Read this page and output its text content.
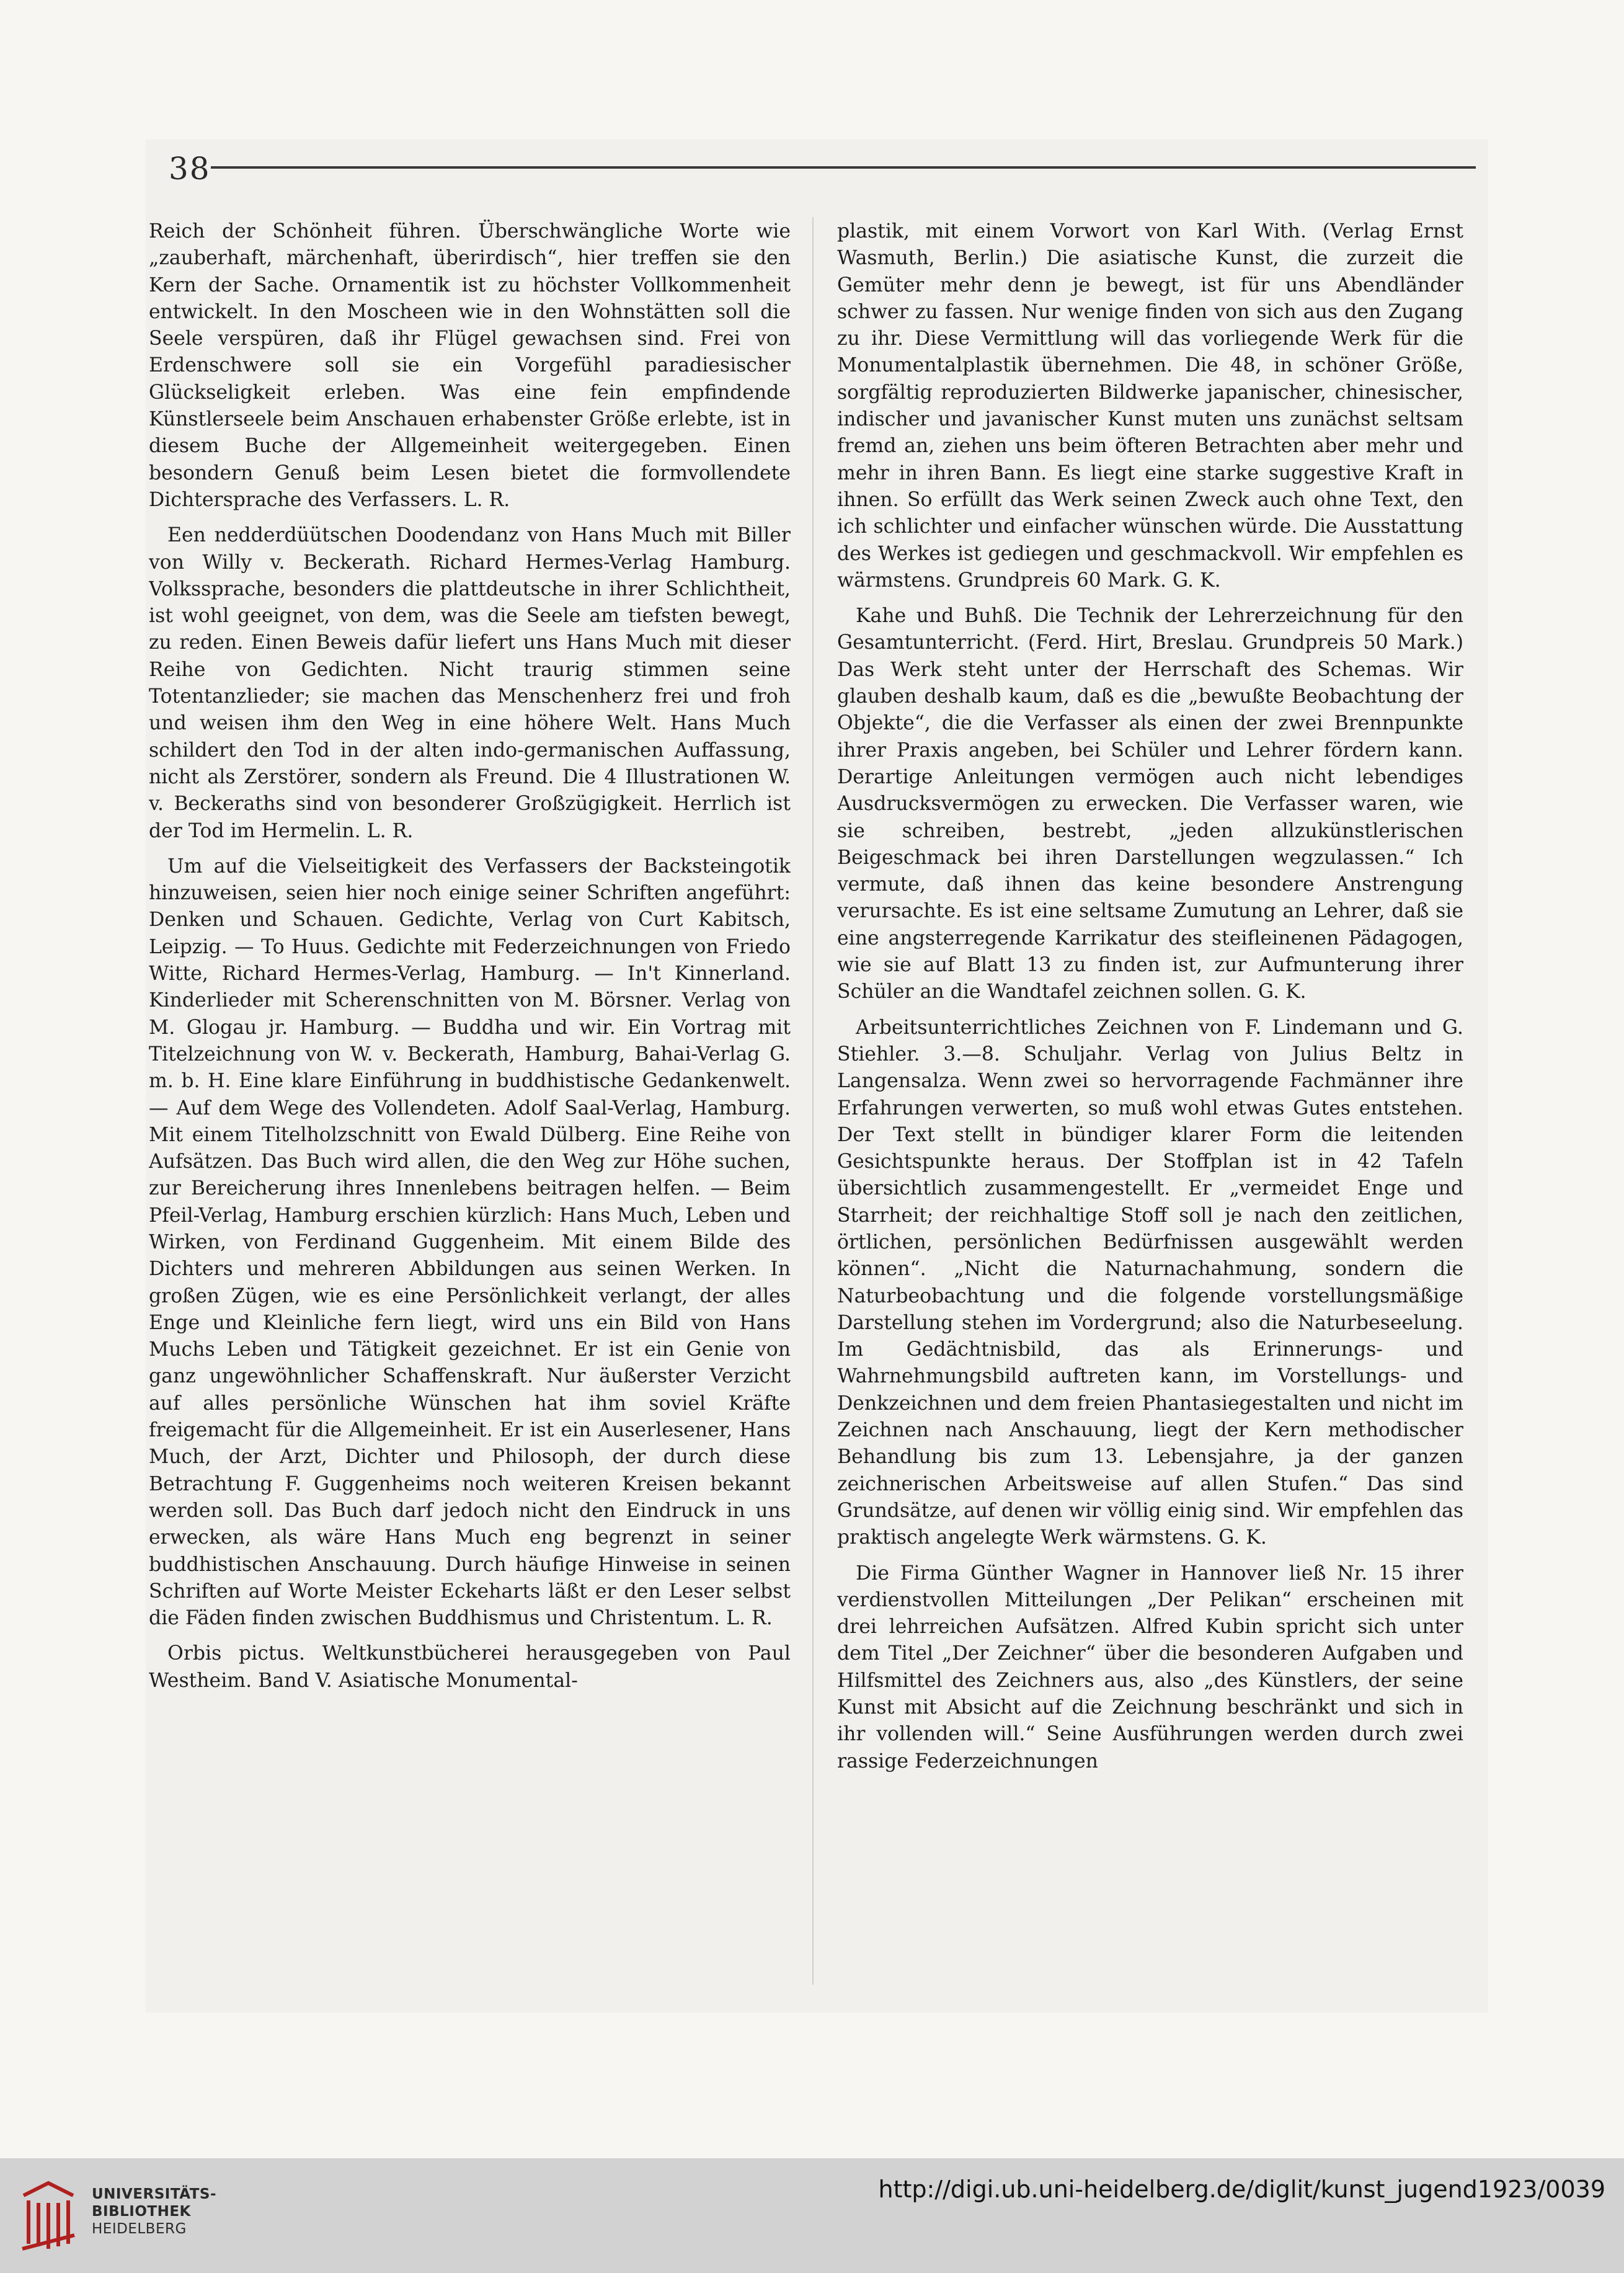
38

Reich der Schönheit führen. Überschwängliche Worte wie „zauberhaft, märchenhaft, überirdisch“, hier treffen sie den Kern der Sache. Ornamentik ist zu höchster Vollkommenheit entwickelt. In den Moscheen wie in den Wohnstätten soll die Seele verspüren, daß ihr Flügel gewachsen sind. Frei von Erdenschwere soll sie ein Vorgefühl paradiesischer Glückseligkeit erleben. Was eine fein empfindende Künstlerseele beim Anschauen erhabenster Größe erlebte, ist in diesem Buche der Allgemeinheit weitergegeben. Einen besondern Genuß beim Lesen bietet die formvollendete Dichtersprache des Verfassers. L. R.

Een nedderdüütschen Doodendanz von Hans Much mit Biller von Willy v. Beckerath. Richard Hermes-Verlag Hamburg. Volkssprache, besonders die plattdeutsche in ihrer Schlichtheit, ist wohl geeignet, von dem, was die Seele am tiefsten bewegt, zu reden. Einen Beweis dafür liefert uns Hans Much mit dieser Reihe von Gedichten. Nicht traurig stimmen seine Totentanzlieder; sie machen das Menschenherz frei und froh und weisen ihm den Weg in eine höhere Welt. Hans Much schildert den Tod in der alten indo-germanischen Auffassung, nicht als Zerstörer, sondern als Freund. Die 4 Illustrationen W. v. Beckeraths sind von besonderer Großzügigkeit. Herrlich ist der Tod im Hermelin. L. R.

Um auf die Vielseitigkeit des Verfassers der Backsteingotik hinzuweisen, seien hier noch einige seiner Schriften angeführt: Denken und Schauen. Gedichte, Verlag von Curt Kabitsch, Leipzig. — To Huus. Gedichte mit Federzeichnungen von Friedo Witte, Richard Hermes-Verlag, Hamburg. — In't Kinnerland. Kinderlieder mit Scherenschnitten von M. Börsner. Verlag von M. Glogau jr. Hamburg. — Buddha und wir. Ein Vortrag mit Titelzeichnung von W. v. Beckerath, Hamburg, Bahai-Verlag G. m. b. H. Eine klare Einführung in buddhistische Gedankenwelt. — Auf dem Wege des Vollendeten. Adolf Saal-Verlag, Hamburg. Mit einem Titelholzschnitt von Ewald Dülberg. Eine Reihe von Aufsätzen. Das Buch wird allen, die den Weg zur Höhe suchen, zur Bereicherung ihres Innenlebens beitragen helfen. — Beim Pfeil-Verlag, Hamburg erschien kürzlich: Hans Much, Leben und Wirken, von Ferdinand Guggenheim. Mit einem Bilde des Dichters und mehreren Abbildungen aus seinen Werken. In großen Zügen, wie es eine Persönlichkeit verlangt, der alles Enge und Kleinliche fern liegt, wird uns ein Bild von Hans Muchs Leben und Tätigkeit gezeichnet. Er ist ein Genie von ganz ungewöhnlicher Schaffenskraft. Nur äußerster Verzicht auf alles persönliche Wünschen hat ihm soviel Kräfte freigemacht für die Allgemeinheit. Er ist ein Auserlesener, Hans Much, der Arzt, Dichter und Philosoph, der durch diese Betrachtung F. Guggenheims noch weiteren Kreisen bekannt werden soll. Das Buch darf jedoch nicht den Eindruck in uns erwecken, als wäre Hans Much eng begrenzt in seiner buddhistischen Anschauung. Durch häufige Hinweise in seinen Schriften auf Worte Meister Eckeharts läßt er den Leser selbst die Fäden finden zwischen Buddhismus und Christentum. L. R.

Orbis pictus. Weltkunstbücherei herausgegeben von Paul Westheim. Band V. Asiatische Monumental-

plastik, mit einem Vorwort von Karl With. (Verlag Ernst Wasmuth, Berlin.) Die asiatische Kunst, die zurzeit die Gemüter mehr denn je bewegt, ist für uns Abendländer schwer zu fassen. Nur wenige finden von sich aus den Zugang zu ihr. Diese Vermittlung will das vorliegende Werk für die Monumentalplastik übernehmen. Die 48, in schöner Größe, sorgfältig reproduzierten Bildwerke japanischer, chinesischer, indischer und javanischer Kunst muten uns zunächst seltsam fremd an, ziehen uns beim öfteren Betrachten aber mehr und mehr in ihren Bann. Es liegt eine starke suggestive Kraft in ihnen. So erfüllt das Werk seinen Zweck auch ohne Text, den ich schlichter und einfacher wünschen würde. Die Ausstattung des Werkes ist gediegen und geschmackvoll. Wir empfehlen es wärmstens. Grundpreis 60 Mark. G. K.

Kahe und Buhß. Die Technik der Lehrerzeichnung für den Gesamtunterricht. (Ferd. Hirt, Breslau. Grundpreis 50 Mark.) Das Werk steht unter der Herrschaft des Schemas. Wir glauben deshalb kaum, daß es die „bewußte Beobachtung der Objekte“, die die Verfasser als einen der zwei Brennpunkte ihrer Praxis angeben, bei Schüler und Lehrer fördern kann. Derartige Anleitungen vermögen auch nicht lebendiges Ausdrucksvermögen zu erwecken. Die Verfasser waren, wie sie schreiben, bestrebt, „jeden allzukünstlerischen Beigeschmack bei ihren Darstellungen wegzulassen.“ Ich vermute, daß ihnen das keine besondere Anstrengung verursachte. Es ist eine seltsame Zumutung an Lehrer, daß sie eine angsterregende Karrikatur des steifleinenen Pädagogen, wie sie auf Blatt 13 zu finden ist, zur Aufmunterung ihrer Schüler an die Wandtafel zeichnen sollen. G. K.

Arbeitsunterrichtliches Zeichnen von F. Lindemann und G. Stiehler. 3.—8. Schuljahr. Verlag von Julius Beltz in Langensalza. Wenn zwei so hervorragende Fachmänner ihre Erfahrungen verwerten, so muß wohl etwas Gutes entstehen. Der Text stellt in bündiger klarer Form die leitenden Gesichtspunkte heraus. Der Stoffplan ist in 42 Tafeln übersichtlich zusammengestellt. Er „vermeidet Enge und Starrheit; der reichhaltige Stoff soll je nach den zeitlichen, örtlichen, persönlichen Bedürfnissen ausgewählt werden können“. „Nicht die Naturnachahmung, sondern die Naturbeobachtung und die folgende vorstellungsmäßige Darstellung stehen im Vordergrund; also die Naturbeseelung. Im Gedächtnisbild, das als Erinnerungs- und Wahrnehmungsbild auftreten kann, im Vorstellungs- und Denkzeichnen und dem freien Phantasiegestalten und nicht im Zeichnen nach Anschauung, liegt der Kern methodischer Behandlung bis zum 13. Lebensjahre, ja der ganzen zeichnerischen Arbeitsweise auf allen Stufen.“ Das sind Grundsätze, auf denen wir völlig einig sind. Wir empfehlen das praktisch angelegte Werk wärmstens. G. K.

Die Firma Günther Wagner in Hannover ließ Nr. 15 ihrer verdienstvollen Mitteilungen „Der Pelikan“ erscheinen mit drei lehrreichen Aufsätzen. Alfred Kubin spricht sich unter dem Titel „Der Zeichner“ über die besonderen Aufgaben und Hilfsmittel des Zeichners aus, also „des Künstlers, der seine Kunst mit Absicht auf die Zeichnung beschränkt und sich in ihr vollenden will.“ Seine Ausführungen werden durch zwei rassige Federzeichnungen

UNIVERSITÄTS-
BIBLIOTHEK
HEIDELBERG
http://digi.ub.uni-heidelberg.de/diglit/kunst_jugend1923/0039
